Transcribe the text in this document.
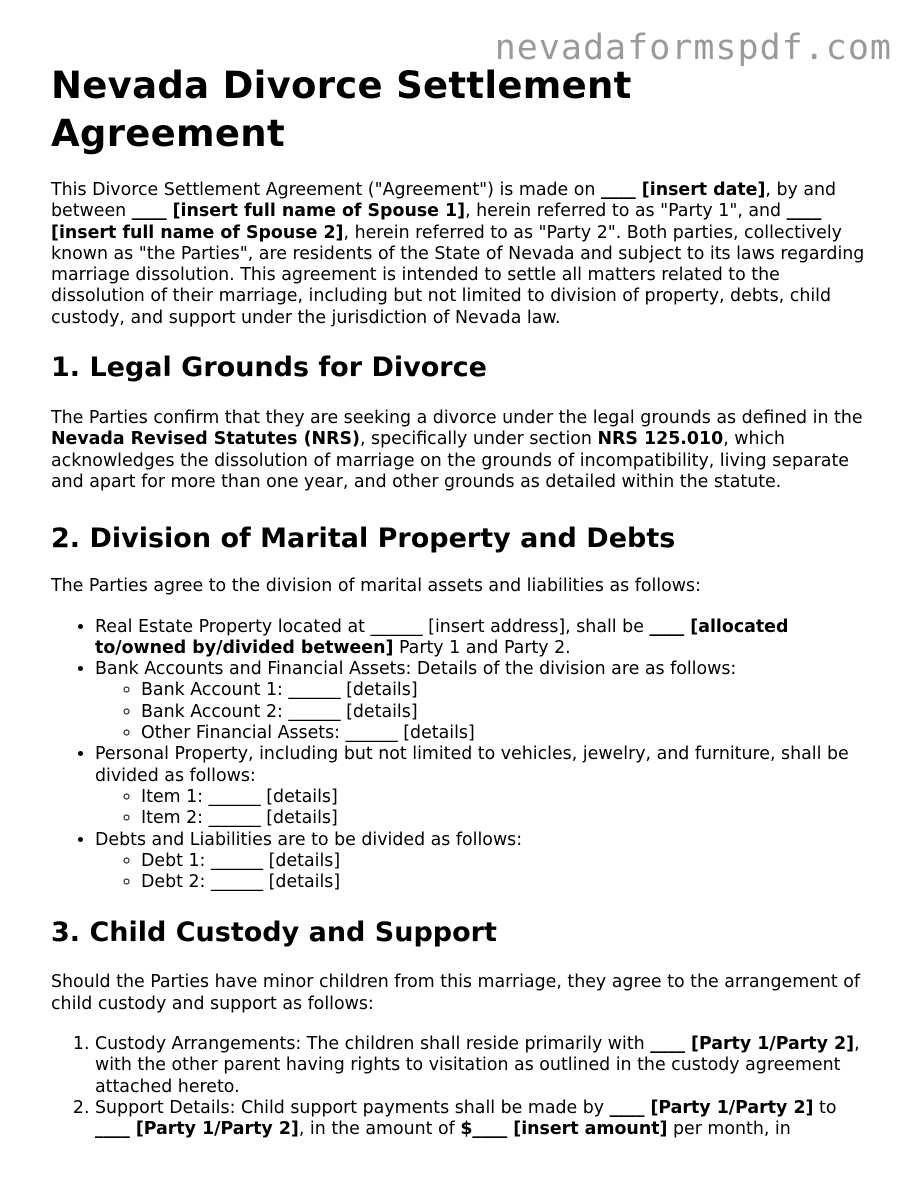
nevadaformspdf.com
Nevada Divorce Settlement Agreement

This Divorce Settlement Agreement ("Agreement") is made on ____ [insert date], by and between ____ [insert full name of Spouse 1], herein referred to as "Party 1", and ____ [insert full name of Spouse 2], herein referred to as "Party 2". Both parties, collectively known as "the Parties", are residents of the State of Nevada and subject to its laws regarding marriage dissolution. This agreement is intended to settle all matters related to the dissolution of their marriage, including but not limited to division of property, debts, child custody, and support under the jurisdiction of Nevada law.

1. Legal Grounds for Divorce

The Parties confirm that they are seeking a divorce under the legal grounds as defined in the Nevada Revised Statutes (NRS), specifically under section NRS 125.010, which acknowledges the dissolution of marriage on the grounds of incompatibility, living separate and apart for more than one year, and other grounds as detailed within the statute.

2. Division of Marital Property and Debts

The Parties agree to the division of marital assets and liabilities as follows:

• Real Estate Property located at ______ [insert address], shall be ____ [allocated to/owned by/divided between] Party 1 and Party 2.
• Bank Accounts and Financial Assets: Details of the division are as follows:
◦ Bank Account 1: ______ [details]
◦ Bank Account 2: ______ [details]
◦ Other Financial Assets: ______ [details]
• Personal Property, including but not limited to vehicles, jewelry, and furniture, shall be divided as follows:
◦ Item 1: ______ [details]
◦ Item 2: ______ [details]
• Debts and Liabilities are to be divided as follows:
◦ Debt 1: ______ [details]
◦ Debt 2: ______ [details]
3. Child Custody and Support

Should the Parties have minor children from this marriage, they agree to the arrangement of child custody and support as follows:

1. Custody Arrangements: The children shall reside primarily with ____ [Party 1/Party 2], with the other parent having rights to visitation as outlined in the custody agreement attached hereto.
2. Support Details: Child support payments shall be made by ____ [Party 1/Party 2] to ____ [Party 1/Party 2], in the amount of $____ [insert amount] per month, in
